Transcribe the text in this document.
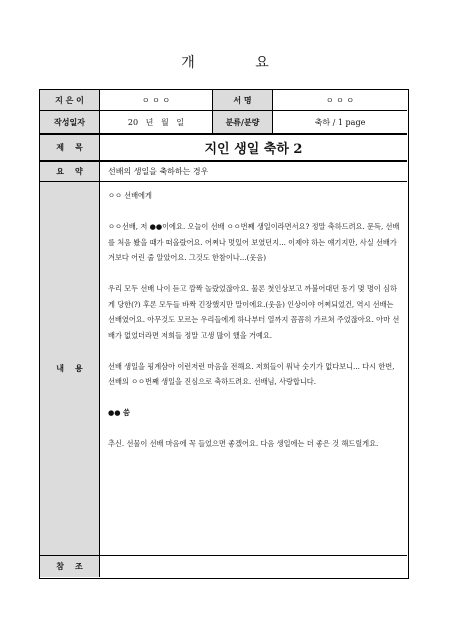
개 요
지 은 이	ㅇ ㅇ ㅇ	서 명	ㅇ ㅇ ㅇ
작성일자	20   년   월   일	분류/분량	축하 / 1 page
제    목	지인 생일 축하 2
요    약	선배의 생일을 축하하는 경우
내    용

ㅇㅇ 선배에게

ㅇㅇ선배, 저 ●●이에요. 오늘이 선배 ㅇㅇ번째 생일이라면서요? 정말 축하드려요. 문득, 선배를 처음 봤을 때가 떠올랐어요. 어쩌나 멋있어 보였던지... 이제야 하는 얘기지만, 사실 선배가 겨보다 어린 줄 알았어요. 그것도 한참이나...(웃음)

우리 모두 선배 나이 듣고 깜짝 놀랐었잖아요. 물론 첫인상보고 까불어대던 동기 몇 명이 심하게 당한(?) 후론 모두들 바짝 긴장했지만 말이에요.(웃음) 인상이야 어쩌되었건, 역시 선배는 선배였어요. 아무것도 모르는 우리들에게 하나부터 열까지 꼼꼼히 가르쳐 주었잖아요. 아마 선배가 없었더라면 저희들 정말 고생 많이 했을 거예요.

선배 생일을 핑계삼아 이런저런 마음을 전해요. 저희들이 워낙 숫기가 없다보니... 다시 한번, 선배의 ㅇㅇ번째 생일을 진심으로 축하드려요. 선배님, 사랑합니다.

●● 씀

추신. 선물이 선배 마음에 꼭 들었으면 좋겠어요. 다음 생일에는 더 좋은 것 해드릴게요.

참    조
